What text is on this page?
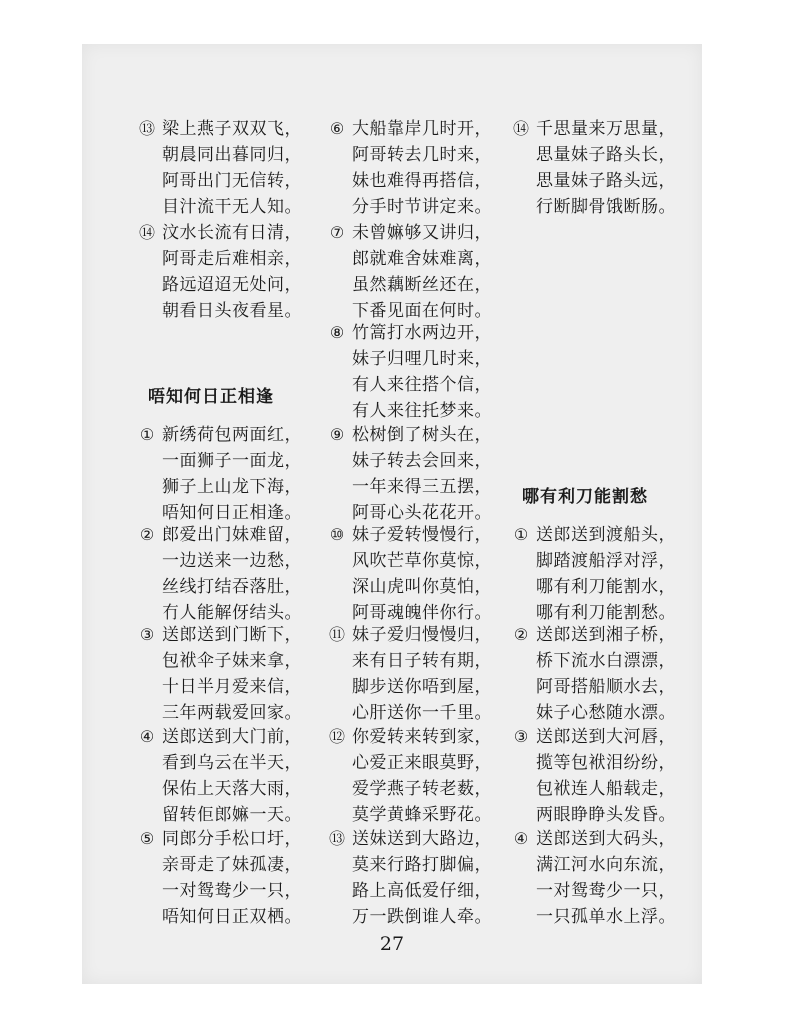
⑬ 梁上燕子双双飞，
朝晨同出暮同归，
阿哥出门无信转，
目汁流干无人知。
⑭ 汶水长流有日清，
阿哥走后难相亲，
路远迢迢无处问，
朝看日头夜看星。
唔知何日正相逢
① 新绣荷包两面红，
一面狮子一面龙，
狮子上山龙下海，
唔知何日正相逢。
② 郎爱出门妹难留，
一边送来一边愁，
丝线打结吞落肚，
冇人能解伢结头。
③ 送郎送到门断下，
包袱伞子妹来拿，
十日半月爱来信，
三年两载爱回家。
④ 送郎送到大门前，
看到乌云在半天，
保佑上天落大雨，
留转佢郎嫲一天。
⑤ 同郎分手松口圩，
亲哥走了妹孤凄，
一对鸳鸯少一只，
唔知何日正双栖。
⑥ 大船靠岸几时开，
阿哥转去几时来，
妹也难得再搭信，
分手时节讲定来。
⑦ 未曾嫲够又讲归，
郎就难舍妹难离，
虽然藕断丝还在，
下番见面在何时。
⑧ 竹篙打水两边开，
妹子归哩几时来，
有人来往搭个信，
有人来往托梦来。
⑨ 松树倒了树头在，
妹子转去会回来，
一年来得三五摆，
阿哥心头花花开。
⑩ 妹子爱转慢慢行，
风吹芒草你莫惊，
深山虎叫你莫怕，
阿哥魂魄伴你行。
⑪ 妹子爱归慢慢归，
来有日子转有期，
脚步送你唔到屋，
心肝送你一千里。
⑫ 你爱转来转到家，
心爱正来眼莫野，
爱学燕子转老薮，
莫学黄蜂采野花。
⑬ 送妹送到大路边，
莫来行路打脚偏，
路上高低爱仔细，
万一跌倒谁人牵。
⑭ 千思量来万思量，
思量妹子路头长，
思量妹子路头远，
行断脚骨饿断肠。
哪有利刀能割愁
① 送郎送到渡船头，
脚踏渡船浮对浮，
哪有利刀能割水，
哪有利刀能割愁。
② 送郎送到湘子桥，
桥下流水白漂漂，
阿哥搭船顺水去，
妹子心愁随水漂。
③ 送郎送到大河唇，
揽等包袱泪纷纷，
包袱连人船载走，
两眼睁睁头发昏。
④ 送郎送到大码头，
满江河水向东流，
一对鸳鸯少一只，
一只孤单水上浮。
27
